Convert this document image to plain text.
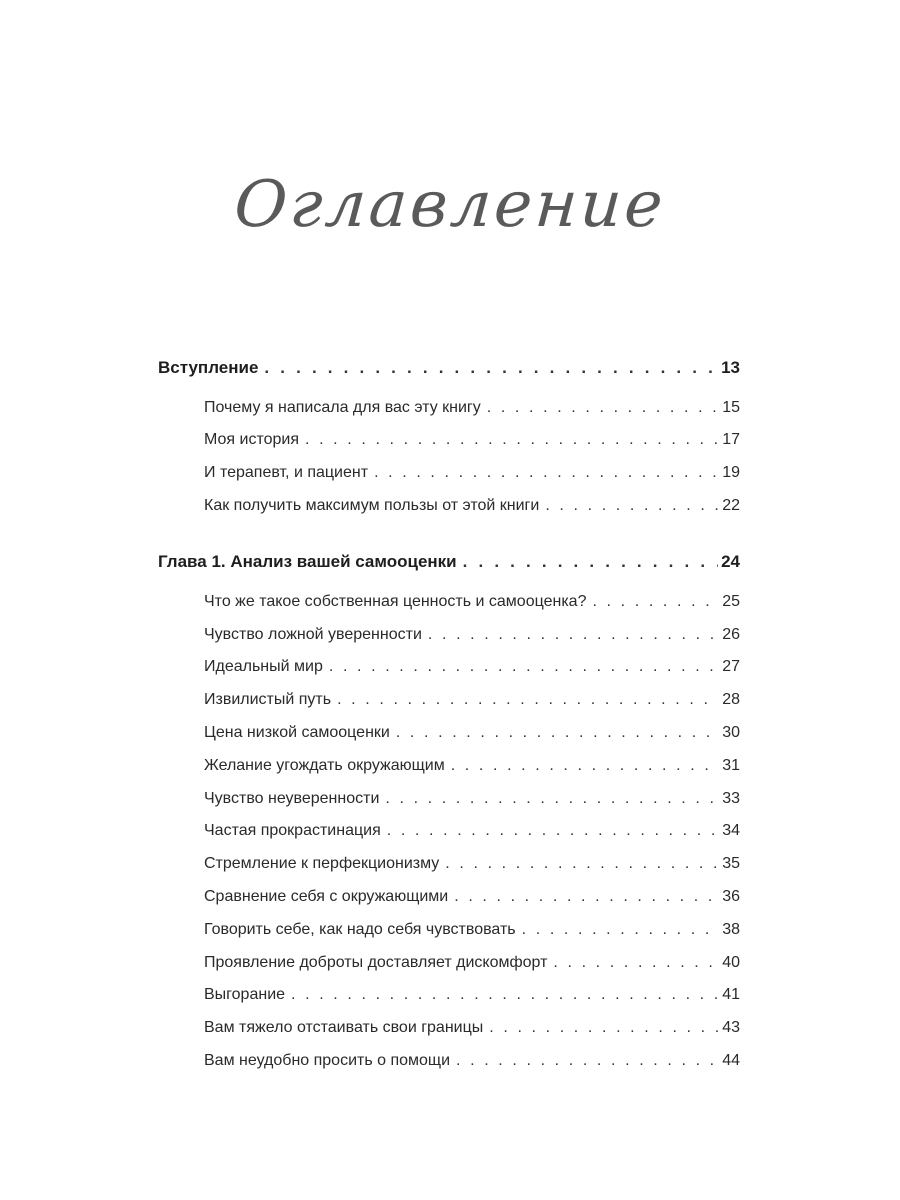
Оглавление
Вступление . . .	13
Почему я написала для вас эту книгу . . .	15
Моя история . . .	17
И терапевт, и пациент . . .	19
Как получить максимум пользы от этой книги . . .	22
Глава 1. Анализ вашей самооценки . . .	24
Что же такое собственная ценность и самооценка? . . .	25
Чувство ложной уверенности . . .	26
Идеальный мир . . .	27
Извилистый путь . . .	28
Цена низкой самооценки . . .	30
Желание угождать окружающим . . .	31
Чувство неуверенности . . .	33
Частая прокрастинация . . .	34
Стремление к перфекционизму . . .	35
Сравнение себя с окружающими . . .	36
Говорить себе, как надо себя чувствовать . . .	38
Проявление доброты доставляет дискомфорт . . .	40
Выгорание . . .	41
Вам тяжело отстаивать свои границы . . .	43
Вам неудобно просить о помощи . . .	44
